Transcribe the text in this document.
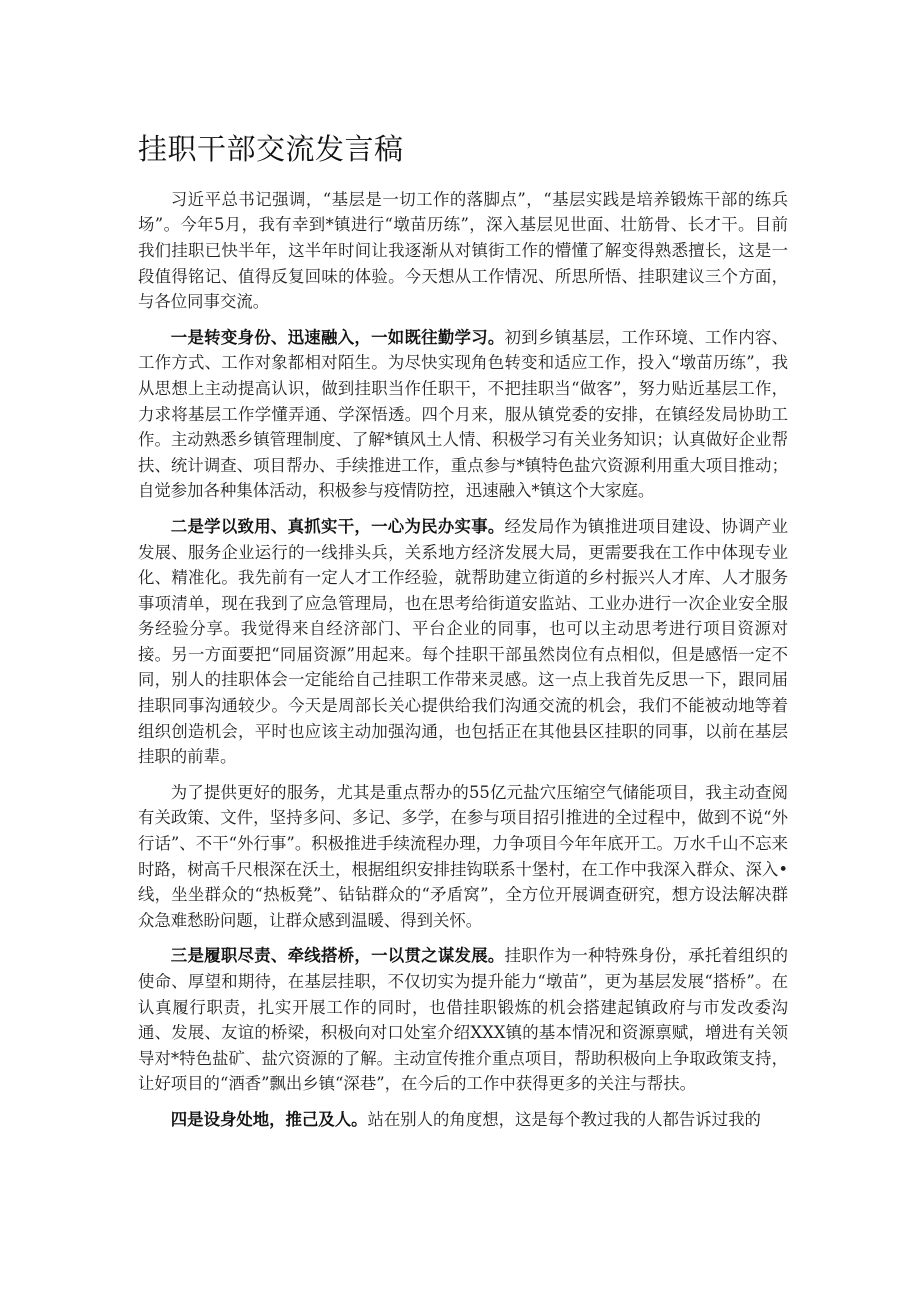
挂职干部交流发言稿

习近平总书记强调，“基层是一切工作的落脚点”，“基层实践是培养锻炼干部的练兵场”。今年5月，我有幸到*镇进行“墩苗历练”，深入基层见世面、壮筋骨、长才干。目前我们挂职已快半年，这半年时间让我逐渐从对镇街工作的懵懂了解变得熟悉擅长，这是一段值得铭记、值得反复回味的体验。今天想从工作情况、所思所悟、挂职建议三个方面，与各位同事交流。

一是转变身份、迅速融入，一如既往勤学习。初到乡镇基层，工作环境、工作内容、工作方式、工作对象都相对陌生。为尽快实现角色转变和适应工作，投入“墩苗历练”，我从思想上主动提高认识，做到挂职当作任职干，不把挂职当“做客”，努力贴近基层工作，力求将基层工作学懂弄通、学深悟透。四个月来，服从镇党委的安排，在镇经发局协助工作。主动熟悉乡镇管理制度、了解*镇风土人情、积极学习有关业务知识；认真做好企业帮扶、统计调查、项目帮办、手续推进工作，重点参与*镇特色盐穴资源利用重大项目推动；自觉参加各种集体活动，积极参与疫情防控，迅速融入*镇这个大家庭。

二是学以致用、真抓实干，一心为民办实事。经发局作为镇推进项目建设、协调产业发展、服务企业运行的一线排头兵，关系地方经济发展大局，更需要我在工作中体现专业化、精准化。我先前有一定人才工作经验，就帮助建立街道的乡村振兴人才库、人才服务事项清单，现在我到了应急管理局，也在思考给街道安监站、工业办进行一次企业安全服务经验分享。我觉得来自经济部门、平台企业的同事，也可以主动思考进行项目资源对接。另一方面要把“同届资源”用起来。每个挂职干部虽然岗位有点相似，但是感悟一定不同，别人的挂职体会一定能给自己挂职工作带来灵感。这一点上我首先反思一下，跟同届挂职同事沟通较少。今天是周部长关心提供给我们沟通交流的机会，我们不能被动地等着组织创造机会，平时也应该主动加强沟通，也包括正在其他县区挂职的同事，以前在基层挂职的前辈。

为了提供更好的服务，尤其是重点帮办的55亿元盐穴压缩空气储能项目，我主动查阅有关政策、文件，坚持多问、多记、多学，在参与项目招引推进的全过程中，做到不说“外行话”、不干“外行事”。积极推进手续流程办理，力争项目今年年底开工。万水千山不忘来时路，树高千尺根深在沃土，根据组织安排挂钩联系十堡村，在工作中我深入群众、深入•线，坐坐群众的“热板凳”、钻钻群众的“矛盾窝”，全方位开展调查研究，想方设法解决群众急难愁盼问题，让群众感到温暖、得到关怀。

三是履职尽责、牵线搭桥，一以贯之谋发展。挂职作为一种特殊身份，承托着组织的使命、厚望和期待，在基层挂职，不仅切实为提升能力“墩苗”，更为基层发展“搭桥”。在认真履行职责，扎实开展工作的同时，也借挂职锻炼的机会搭建起镇政府与市发改委沟通、发展、友谊的桥梁，积极向对口处室介绍XXX镇的基本情况和资源禀赋，增进有关领导对*特色盐矿、盐穴资源的了解。主动宣传推介重点项目，帮助积极向上争取政策支持，让好项目的“酒香”飘出乡镇“深巷”，在今后的工作中获得更多的关注与帮扶。

四是设身处地，推己及人。站在别人的角度想，这是每个教过我的人都告诉过我的
